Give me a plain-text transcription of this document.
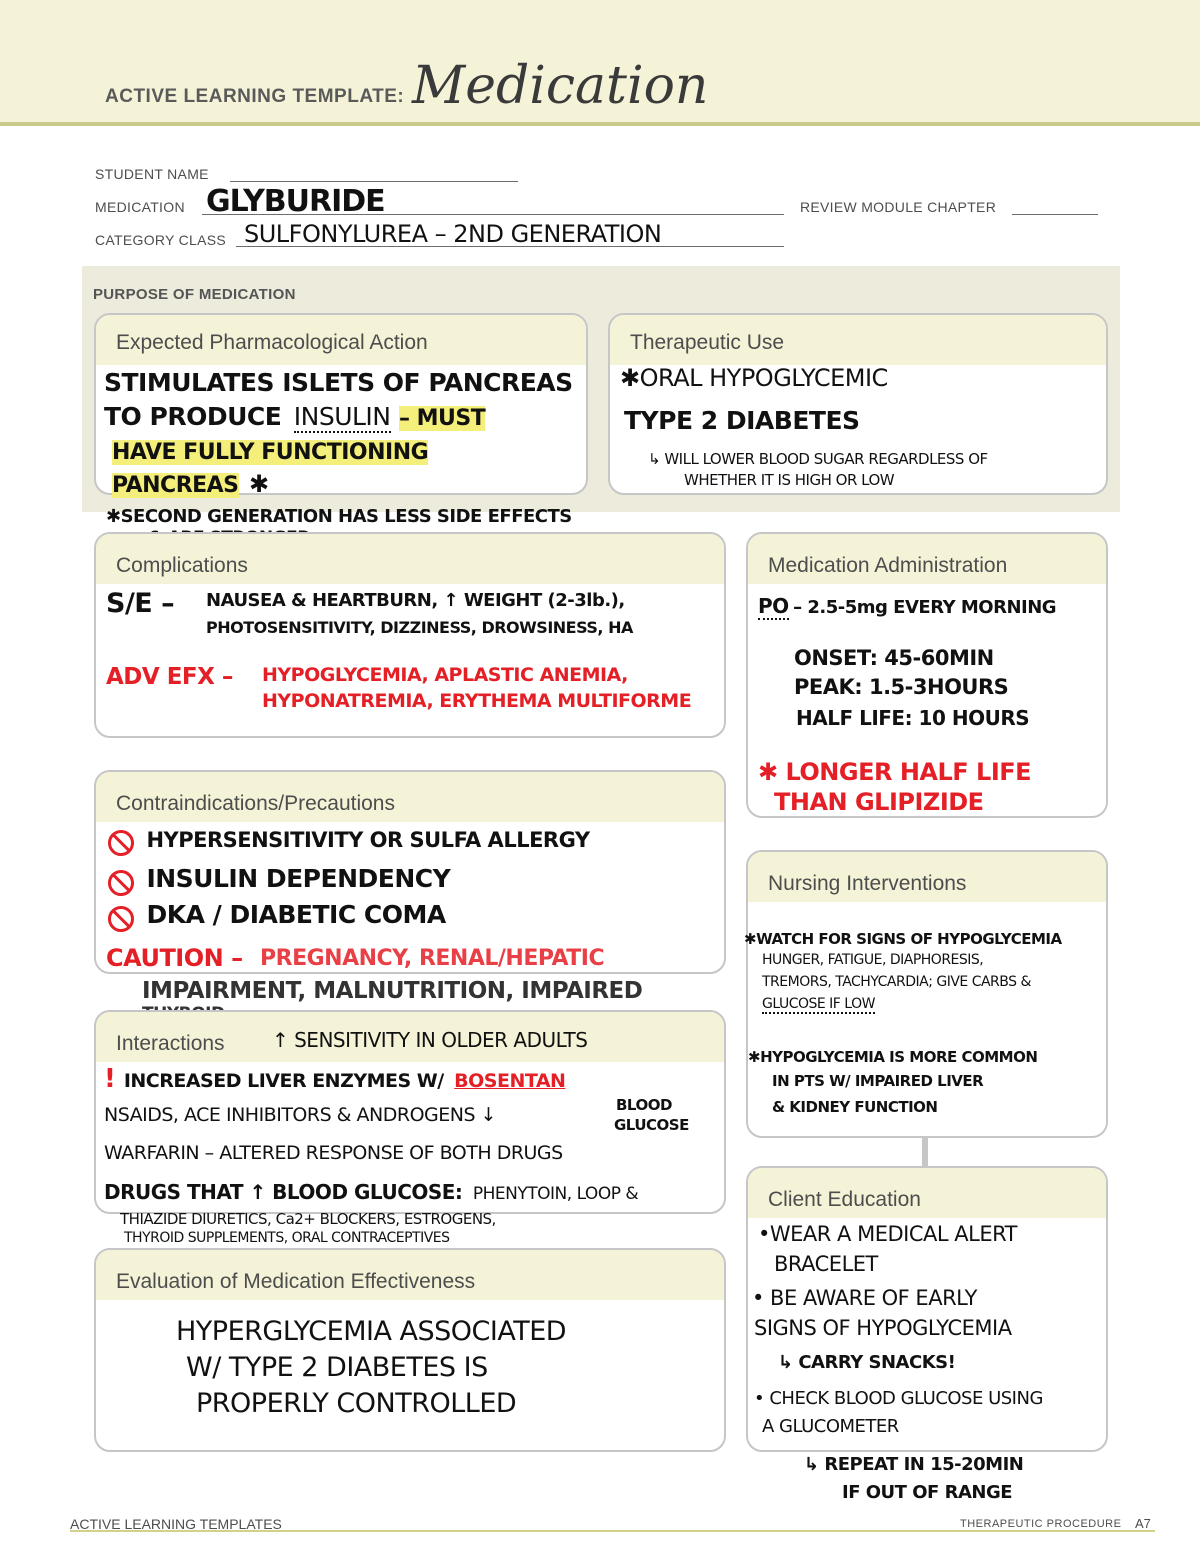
ACTIVE LEARNING TEMPLATE: Medication
STUDENT NAME
MEDICATION GLYBURIDE	REVIEW MODULE CHAPTER
CATEGORY CLASS SULFONYLUREA – 2ND GENERATION
PURPOSE OF MEDICATION
Expected Pharmacological Action
STIMULATES ISLETS OF PANCREAS
TO PRODUCE INSULIN – MUST
HAVE FULLY FUNCTIONING
PANCREAS ✱
Therapeutic Use
✱ORAL HYPOGLYCEMIC
TYPE 2 DIABETES
↳ WILL LOWER BLOOD SUGAR REGARDLESS OF
WHETHER IT IS HIGH OR LOW
✱SECOND GENERATION HAS LESS SIDE EFFECTS
Complications
S/E – NAUSEA & HEARTBURN, ↑ WEIGHT (2-3lb.),
PHOTOSENSITIVITY, DIZZINESS, DROWSINESS, HA
ADV EFX – HYPOGLYCEMIA, APLASTIC ANEMIA,
HYPONATREMIA, ERYTHEMA MULTIFORME
Medication Administration
PO – 2.5-5mg EVERY MORNING
ONSET: 45-60MIN
PEAK: 1.5-3HOURS
HALF LIFE: 10 HOURS
✱ LONGER HALF LIFE
THAN GLIPIZIDE
Contraindications/Precautions
HYPERSENSITIVITY OR SULFA ALLERGY
INSULIN DEPENDENCY
DKA / DIABETIC COMA
CAUTION – PREGNANCY, RENAL/HEPATIC
IMPAIRMENT, MALNUTRITION, IMPAIRED
Nursing Interventions
✱WATCH FOR SIGNS OF HYPOGLYCEMIA
HUNGER, FATIGUE, DIAPHORESIS,
TREMORS, TACHYCARDIA; GIVE CARBS &
GLUCOSE IF LOW
✱HYPOGLYCEMIA IS MORE COMMON
IN PTS W/ IMPAIRED LIVER
& KIDNEY FUNCTION
Interactions ↑ SENSITIVITY IN OLDER ADULTS
! INCREASED LIVER ENZYMES W/ BOSENTAN
NSAIDS, ACE INHIBITORS & ANDROGENS ↓	BLOOD
GLUCOSE
WARFARIN – ALTERED RESPONSE OF BOTH DRUGS
DRUGS THAT ↑ BLOOD GLUCOSE: PHENYTOIN, LOOP &
THIAZIDE DIURETICS, Ca2+ BLOCKERS, ESTROGENS,
THYROID SUPPLEMENTS, ORAL CONTRACEPTIVES
Client Education
•WEAR A MEDICAL ALERT
BRACELET
• BE AWARE OF EARLY
SIGNS OF HYPOGLYCEMIA
↳ CARRY SNACKS!
• CHECK BLOOD GLUCOSE USING
A GLUCOMETER
↳ REPEAT IN 15-20MIN
IF OUT OF RANGE
Evaluation of Medication Effectiveness
HYPERGLYCEMIA ASSOCIATED
W/ TYPE 2 DIABETES IS
PROPERLY CONTROLLED
ACTIVE LEARNING TEMPLATES	THERAPEUTIC PROCEDURE A7
